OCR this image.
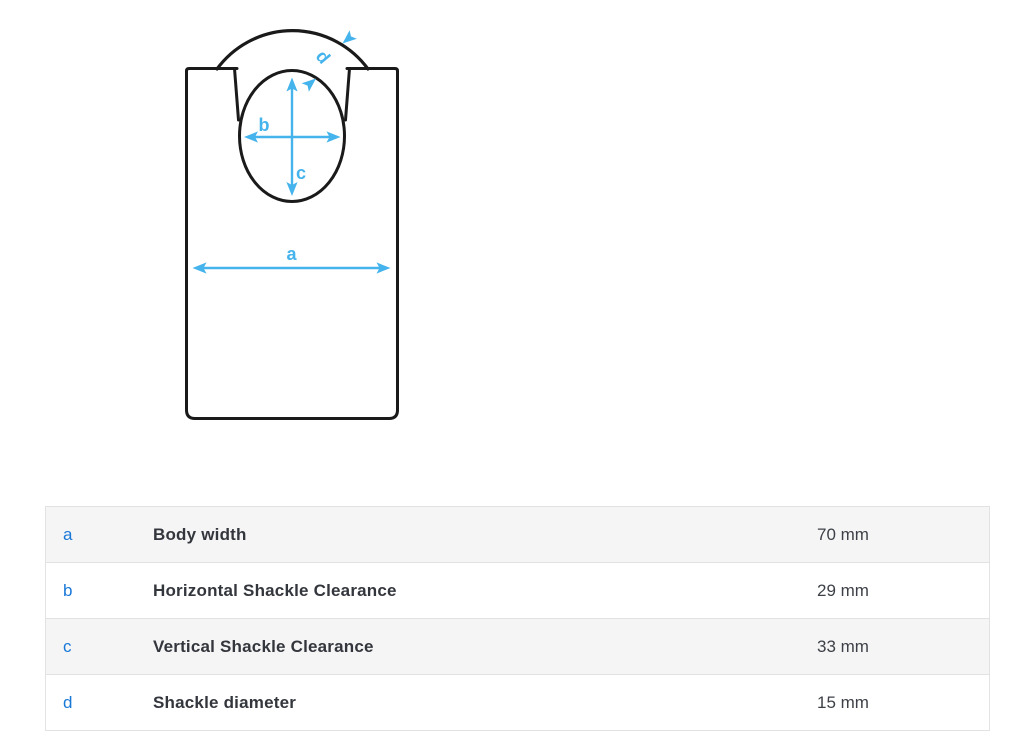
a
b
c
d
a	Body width	70 mm
b	Horizontal Shackle Clearance	29 mm
c	Vertical Shackle Clearance	33 mm
d	Shackle diameter	15 mm
